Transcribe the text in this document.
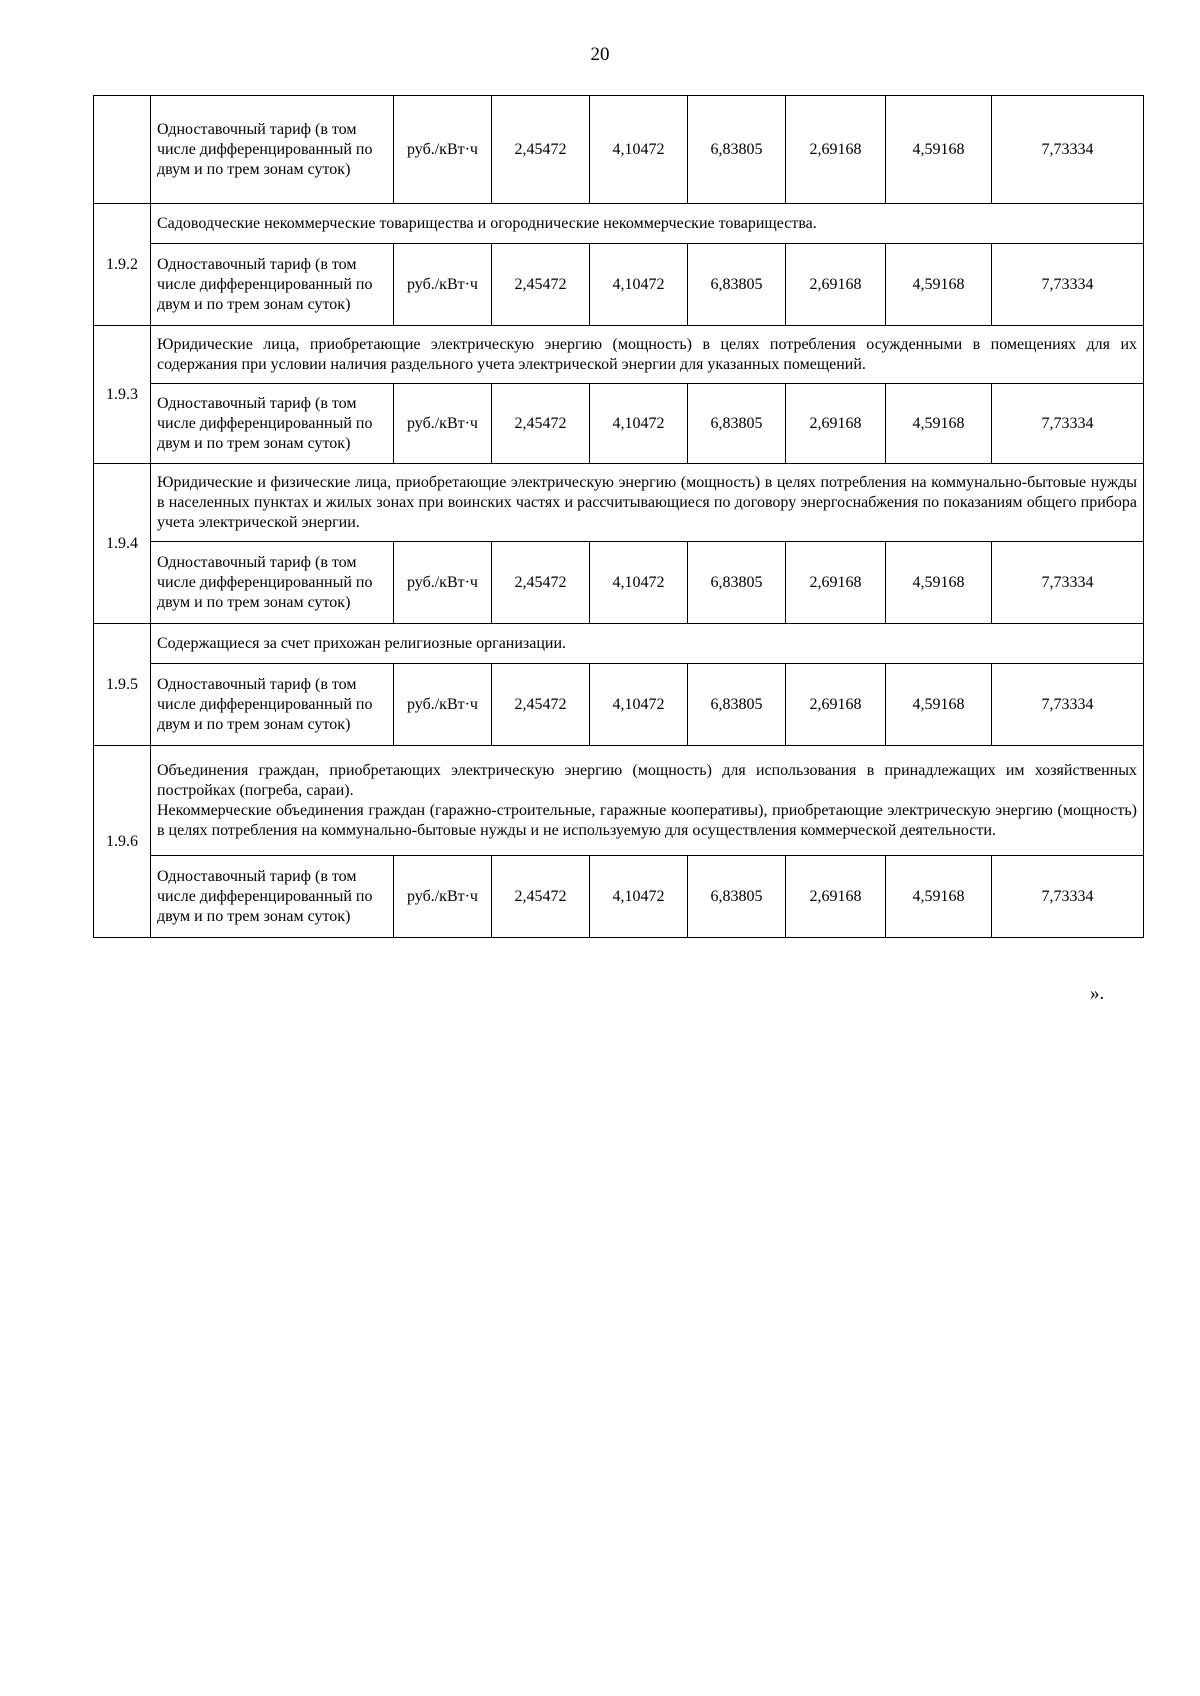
20
	Одноставочный тариф (в том числе дифференцированный по двум и по трем зонам суток)	руб./кВт·ч	2,45472	4,10472	6,83805	2,69168	4,59168	7,73334
1.9.2	Садоводческие некоммерческие товарищества и огороднические некоммерческие товарищества.							

	Одноставочный тариф (в том числе дифференцированный по двум и по трем зонам суток)	руб./кВт·ч	2,45472	4,10472	6,83805	2,69168	4,59168	7,73334
1.9.3	Юридические лица, приобретающие электрическую энергию (мощность) в целях потребления осужденными в помещениях для их содержания при условии наличия раздельного учета электрической энергии для указанных помещений.							

	Одноставочный тариф (в том числе дифференцированный по двум и по трем зонам суток)	руб./кВт·ч	2,45472	4,10472	6,83805	2,69168	4,59168	7,73334
1.9.4	Юридические и физические лица, приобретающие электрическую энергию (мощность) в целях потребления на коммунально-бытовые нужды в населенных пунктах и жилых зонах при воинских частях и рассчитывающиеся по договору энергоснабжения по показаниям общего прибора учета электрической энергии.							

	Одноставочный тариф (в том числе дифференцированный по двум и по трем зонам суток)	руб./кВт·ч	2,45472	4,10472	6,83805	2,69168	4,59168	7,73334
1.9.5	Содержащиеся за счет прихожан религиозные организации.							

	Одноставочный тариф (в том числе дифференцированный по двум и по трем зонам суток)	руб./кВт·ч	2,45472	4,10472	6,83805	2,69168	4,59168	7,73334
1.9.6	Объединения граждан, приобретающих электрическую энергию (мощность) для использования в принадлежащих им хозяйственных постройках (погреба, сараи).
Некоммерческие объединения граждан (гаражно-строительные, гаражные кооперативы), приобретающие электрическую энергию (мощность) в целях потребления на коммунально-бытовые нужды и не используемую для осуществления коммерческой деятельности.							

	Одноставочный тариф (в том числе дифференцированный по двум и по трем зонам суток)	руб./кВт·ч	2,45472	4,10472	6,83805	2,69168	4,59168	7,73334
».
